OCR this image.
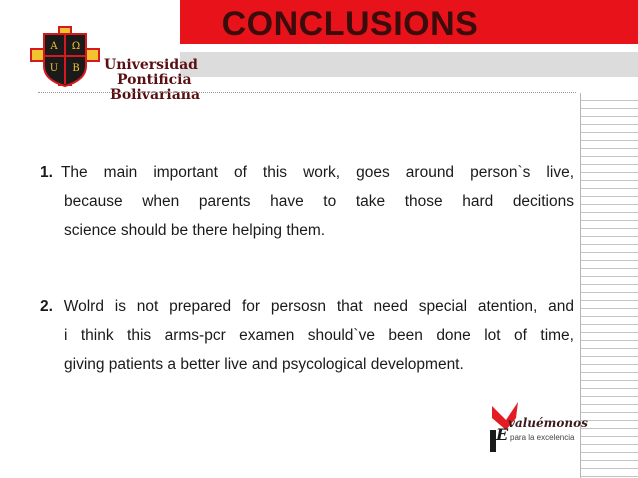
CONCLUSIONS
A Ω
U B Universidad
Pontificia
Bolivariana
1. The main important of this work, goes around person`s live,
because when parents have to take those hard decitions
science should be there helping them.
2. Wolrd is not prepared for persosn that need special atention, and
i think this arms-pcr examen should`ve been done lot of time,
giving patients a better live and psycological development.
E
valuémonos
para la excelencia
